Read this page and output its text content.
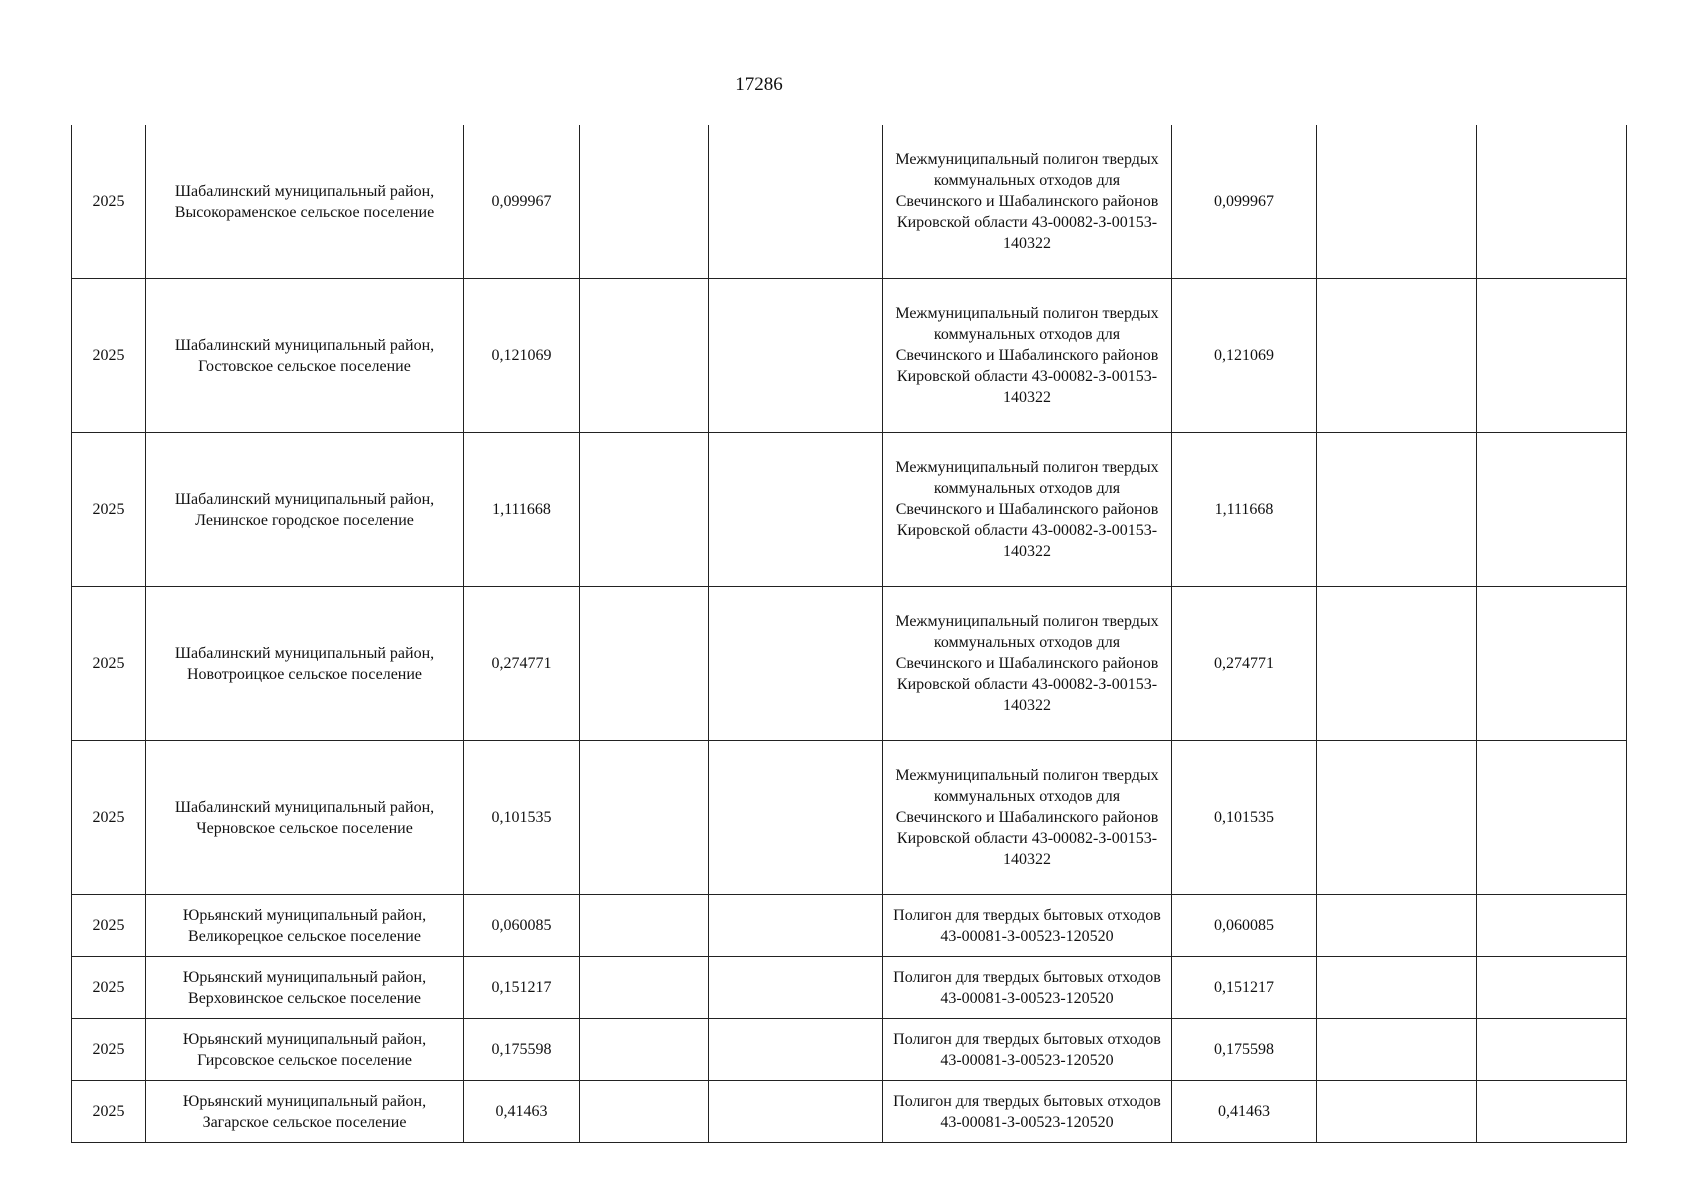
17286
2025	Шабалинский муниципальный район, Высокораменское сельское поселение	0,099967			Межмуниципальный полигон твердых коммунальных отходов для Свечинского и Шабалинского районов Кировской области 43-00082-З-00153-140322	0,099967		
2025	Шабалинский муниципальный район, Гостовское сельское поселение	0,121069			Межмуниципальный полигон твердых коммунальных отходов для Свечинского и Шабалинского районов Кировской области 43-00082-З-00153-140322	0,121069		
2025	Шабалинский муниципальный район, Ленинское городское поселение	1,111668			Межмуниципальный полигон твердых коммунальных отходов для Свечинского и Шабалинского районов Кировской области 43-00082-З-00153-140322	1,111668		
2025	Шабалинский муниципальный район, Новотроицкое сельское поселение	0,274771			Межмуниципальный полигон твердых коммунальных отходов для Свечинского и Шабалинского районов Кировской области 43-00082-З-00153-140322	0,274771		
2025	Шабалинский муниципальный район, Черновское сельское поселение	0,101535			Межмуниципальный полигон твердых коммунальных отходов для Свечинского и Шабалинского районов Кировской области 43-00082-З-00153-140322	0,101535		
2025	Юрьянский муниципальный район, Великорецкое сельское поселение	0,060085			Полигон для твердых бытовых отходов 43-00081-З-00523-120520	0,060085		
2025	Юрьянский муниципальный район, Верховинское сельское поселение	0,151217			Полигон для твердых бытовых отходов 43-00081-З-00523-120520	0,151217		
2025	Юрьянский муниципальный район, Гирсовское сельское поселение	0,175598			Полигон для твердых бытовых отходов 43-00081-З-00523-120520	0,175598		
2025	Юрьянский муниципальный район, Загарское сельское поселение	0,41463			Полигон для твердых бытовых отходов 43-00081-З-00523-120520	0,41463		
